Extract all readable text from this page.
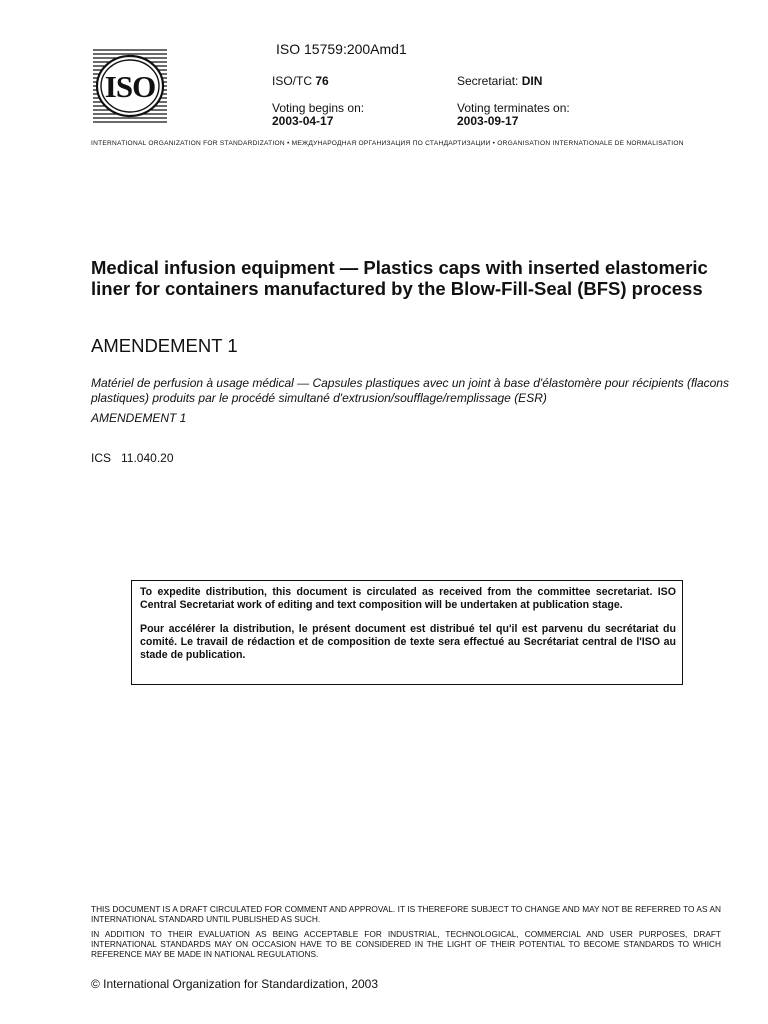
ISO
ISO 15759:200Amd1
ISO/TC 76	Secretariat: DIN
Voting begins on:
2003-04-17
Voting terminates on:
2003-09-17
INTERNATIONAL ORGANIZATION FOR STANDARDIZATION • МЕЖДУНАРОДНАЯ ОРГАНИЗАЦИЯ ПО СТАНДАРТИЗАЦИИ • ORGANISATION INTERNATIONALE DE NORMALISATION
Medical infusion equipment — Plastics caps with inserted elastomeric liner for containers manufactured by the Blow-Fill-Seal (BFS) process
AMENDEMENT 1
Matériel de perfusion à usage médical — Capsules plastiques avec un joint à base d'élastomère pour récipients (flacons plastiques) produits par le procédé simultané d'extrusion/soufflage/remplissage (ESR)
AMENDEMENT 1
ICS 11.040.20

To expedite distribution, this document is circulated as received from the committee secretariat. ISO Central Secretariat work of editing and text composition will be undertaken at publication stage.

Pour accélérer la distribution, le présent document est distribué tel qu'il est parvenu du secrétariat du comité. Le travail de rédaction et de composition de texte sera effectué au Secrétariat central de l'ISO au stade de publication.

THIS DOCUMENT IS A DRAFT CIRCULATED FOR COMMENT AND APPROVAL. IT IS THEREFORE SUBJECT TO CHANGE AND MAY NOT BE REFERRED TO AS AN INTERNATIONAL STANDARD UNTIL PUBLISHED AS SUCH.
IN ADDITION TO THEIR EVALUATION AS BEING ACCEPTABLE FOR INDUSTRIAL, TECHNOLOGICAL, COMMERCIAL AND USER PURPOSES, DRAFT INTERNATIONAL STANDARDS MAY ON OCCASION HAVE TO BE CONSIDERED IN THE LIGHT OF THEIR POTENTIAL TO BECOME STANDARDS TO WHICH REFERENCE MAY BE MADE IN NATIONAL REGULATIONS.
© International Organization for Standardization, 2003
